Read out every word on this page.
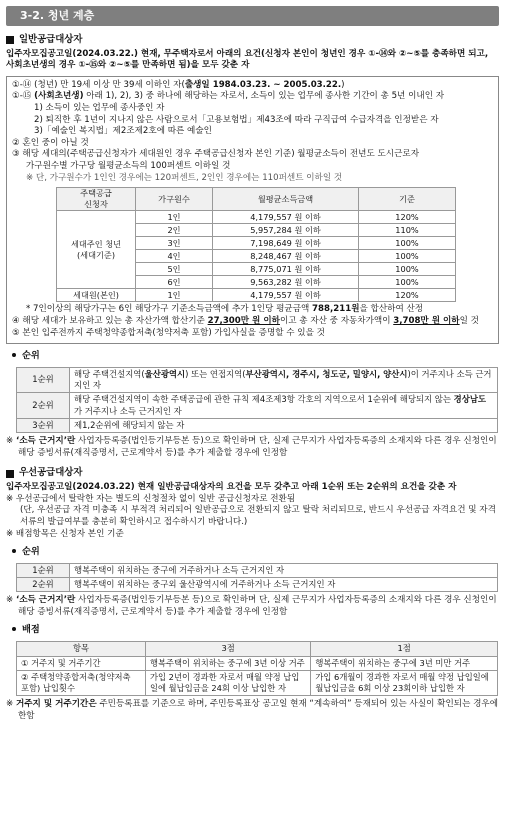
3-2. 청년 계층
일반공급대상자
입주자모집공고일(2024.03.22.) 현재, 무주택자로서 아래의 요건(신청자 본인이 청년인 경우 ①-⑭와 ②~⑤를 충족하면 되고, 사회초년생의 경우 ①-⑮와 ②~⑤를 만족하면 됨)을 모두 갖춘 자
①-⑭ (청년) 만 19세 이상 만 39세 이하인 자(출생일 1984.03.23. ~ 2005.03.22.)
①-⑮ (사회초년생) 아래 1), 2), 3) 중 하나에 해당하는 자로서, 소득이 있는 업무에 종사한 기간이 총 5년 이내인 자
1) 소득이 있는 업무에 종사중인 자
2) 퇴직한 후 1년이 지나지 않은 사람으로서「고용보험법」제43조에 따라 구직급여 수급자격을 인정받은 자
3)「예술인 복지법」제2조제2호에 따른 예술인
② 혼인 중이 아닐 것
③ 해당 세대의(주택공급신청자가 세대원인 경우 주택공급신청자 본인 기준) 월평균소득이 전년도 도시근로자
가구원수별 가구당 월평균소득의 100퍼센트 이하일 것
※ 단, 가구원수가 1인인 경우에는 120퍼센트, 2인인 경우에는 110퍼센트 이하일 것
주택공급
신청자	가구원수	월평균소득금액	기준
세대주인 청년
(세대기준)	1인	4,179,557 원 이하	120%
	2인	5,957,284 원 이하	110%
	3인	7,198,649 원 이하	100%
	4인	8,248,467 원 이하	100%
	5인	8,775,071 원 이하	100%
	6인	9,563,282 원 이하	100%
세대원(본인)	1인	4,179,557 원 이하	120%
* 7인이상의 해당가구는 6인 해당가구 기준소득금액에 추가 1인당 평균금액 788,211원을 합산하여 산정
④ 해당 세대가 보유하고 있는 총 자산가액 합산기준 27,300만 원 이하이고 총 자산 중 자동차가액이 3,708만 원 이하일 것
⑤ 본인 입주전까지 주택청약종합저축(청약저축 포함) 가입사실을 증명할 수 있을 것
순위
1순위	해당 주택건설지역(울산광역시) 또는 연접지역(부산광역시, 경주시, 청도군, 밀양시, 양산시)이 거주지나 소득 근거지인 자
2순위	해당 주택건설지역이 속한 주택공급에 관한 규칙 제4조제3항 각호의 지역으로서 1순위에 해당되지 않는 경상남도가 거주지나 소득 근거지인 자
3순위	제1,2순위에 해당되지 않는 자
※ ‘소득 근거지’란 사업자등록증(법인등기부등본 등)으로 확인하며 단, 실제 근무지가 사업자등록증의 소재지와 다른 경우 신청인이 해당 증빙서류(재직증명서, 근로계약서 등)를 추가 제출할 경우에 인정함
우선공급대상자
입주자모집공고일(2024.03.22) 현재 일반공급대상자의 요건을 모두 갖추고 아래 1순위 또는 2순위의 요건을 갖춘 자
※ 우선공급에서 탈락한 자는 별도의 신청절차 없이 일반 공급신청자로 전환됨
(단, 우선공급 자격 미충족 시 부적격 처리되어 일반공급으로 전환되지 않고 탈락 처리되므로, 반드시 우선공급 자격요건 및 자격서류의 발급여부를 충분히 확인하시고 접수하시기 바랍니다.)
※ 배점항목은 신청자 본인 기준
순위
1순위	행복주택이 위치하는 중구에 거주하거나 소득 근거지인 자
2순위	행복주택이 위치하는 중구외 울산광역시에 거주하거나 소득 근거지인 자
※ ‘소득 근거지’란 사업자등록증(법인등기부등본 등)으로 확인하며 단, 실제 근무지가 사업자등록증의 소재지와 다른 경우 신청인이 해당 증빙서류(재직증명서, 근로계약서 등)를 추가 제출할 경우에 인정함
배점
항목	3점	1점
① 거주지 및 거주기간	행복주택이 위치하는 중구에 3년 이상 거주	행복주택이 위치하는 중구에 3년 미만 거주
② 주택청약종합저축(청약저축 포함) 납입횟수	가입 2년이 경과한 자로서 매월 약정 납입일에 월납입금을 24회 이상 납입한 자	가입 6개월이 경과한 자로서 매월 약정 납입일에 월납입금을 6회 이상 23회이하 납입한 자
※ 거주지 및 거주기간은 주민등록표를 기준으로 하며, 주민등록표상 공고일 현재 “계속하여” 등재되어 있는 사실이 확인되는 경우에 한함
